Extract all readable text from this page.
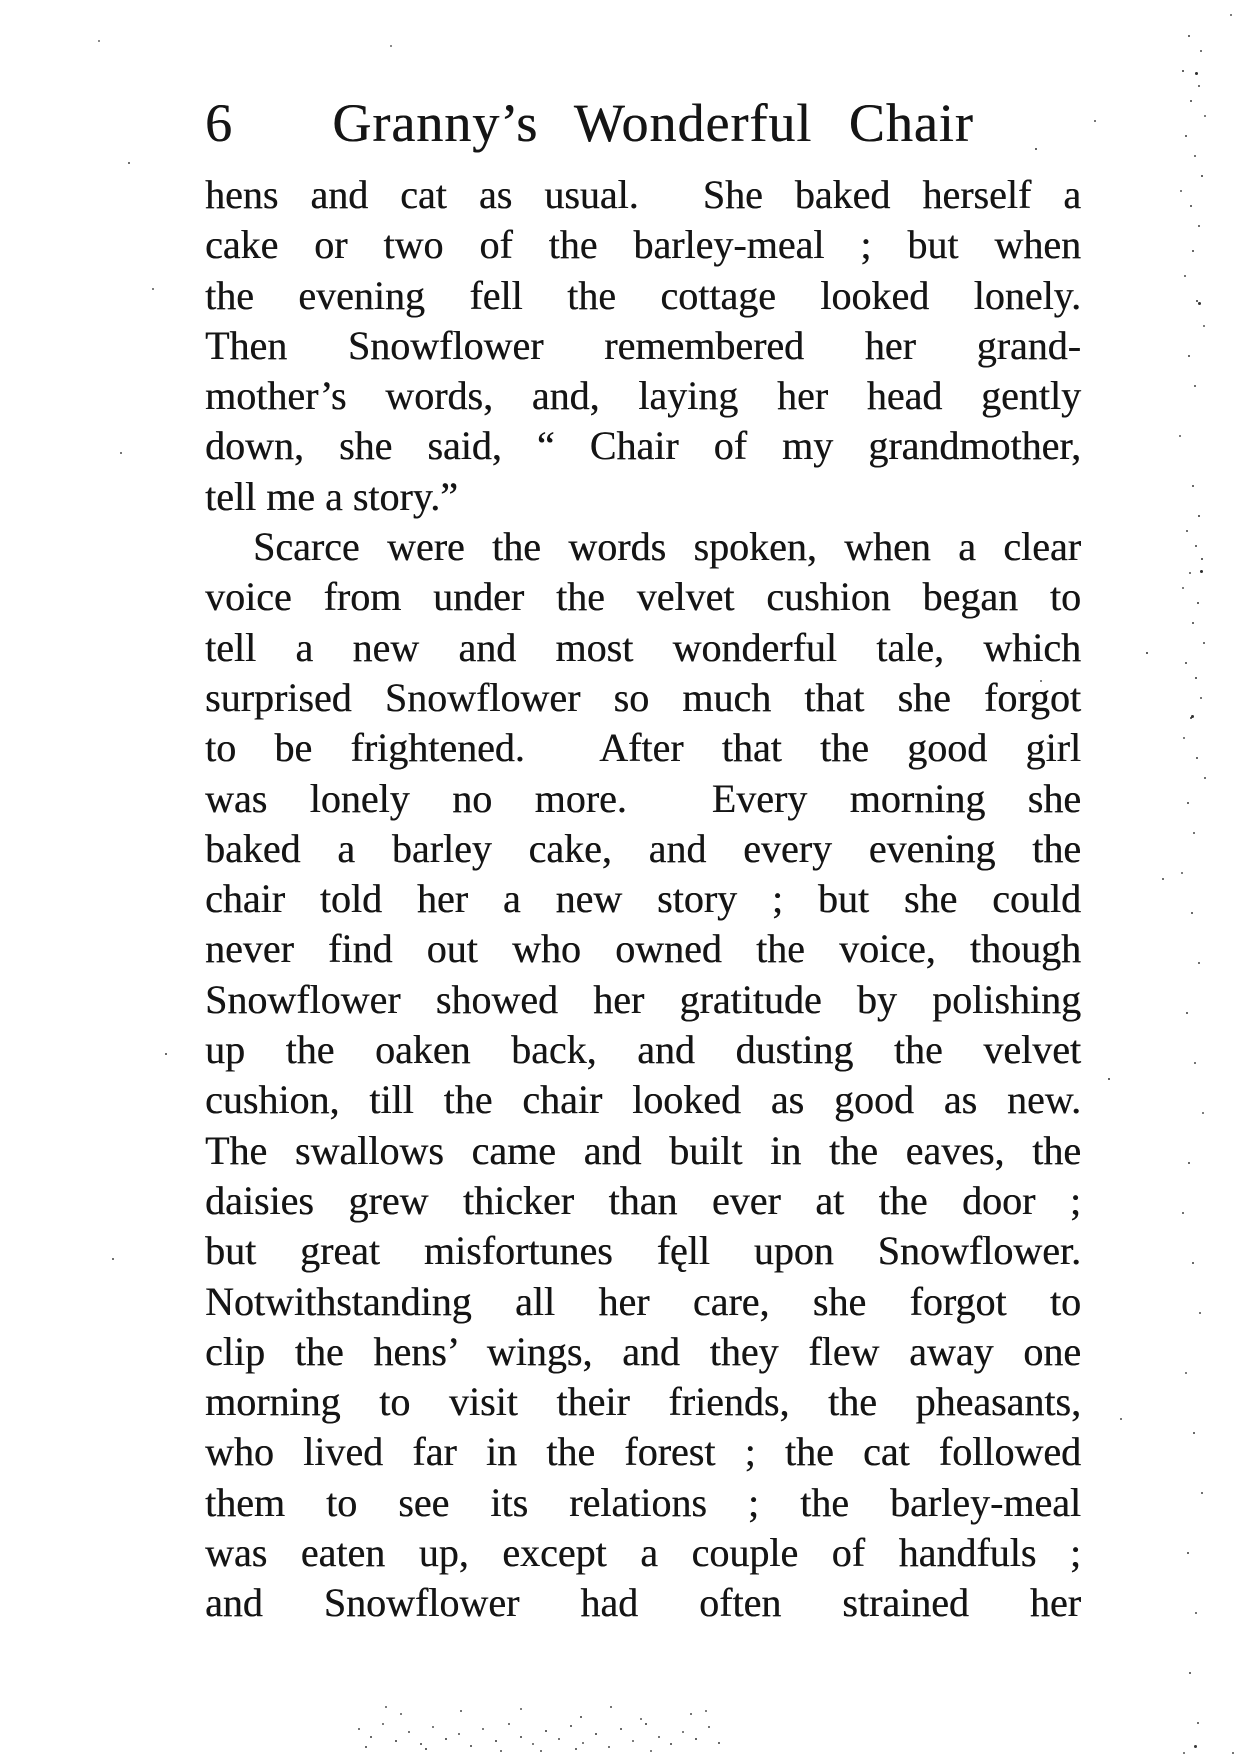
6	Granny’s Wonderful Chair
hens and cat as usual.  She baked herself a
cake or two of the barley-meal ; but when
the evening fell the cottage looked lonely.
Then Snowflower remembered her grand-
mother’s words, and, laying her head gently
down, she said, “ Chair of my grandmother,
tell me a story.”
Scarce were the words spoken, when a clear
voice from under the velvet cushion began to
tell a new and most wonderful tale, which
surprised Snowflower so much that she forgot
to be frightened.  After that the good girl
was lonely no more.  Every morning she
baked a barley cake, and every evening the
chair told her a new story ; but she could
never find out who owned the voice, though
Snowflower showed her gratitude by polishing
up the oaken back, and dusting the velvet
cushion, till the chair looked as good as new.
The swallows came and built in the eaves, the
daisies grew thicker than ever at the door ;
but great misfortunes fęll upon Snowflower.
Notwithstanding all her care, she forgot to
clip the hens’ wings, and they flew away one
morning to visit their friends, the pheasants,
who lived far in the forest ; the cat followed
them to see its relations ; the barley-meal
was eaten up, except a couple of handfuls ;
and Snowflower had often strained her
